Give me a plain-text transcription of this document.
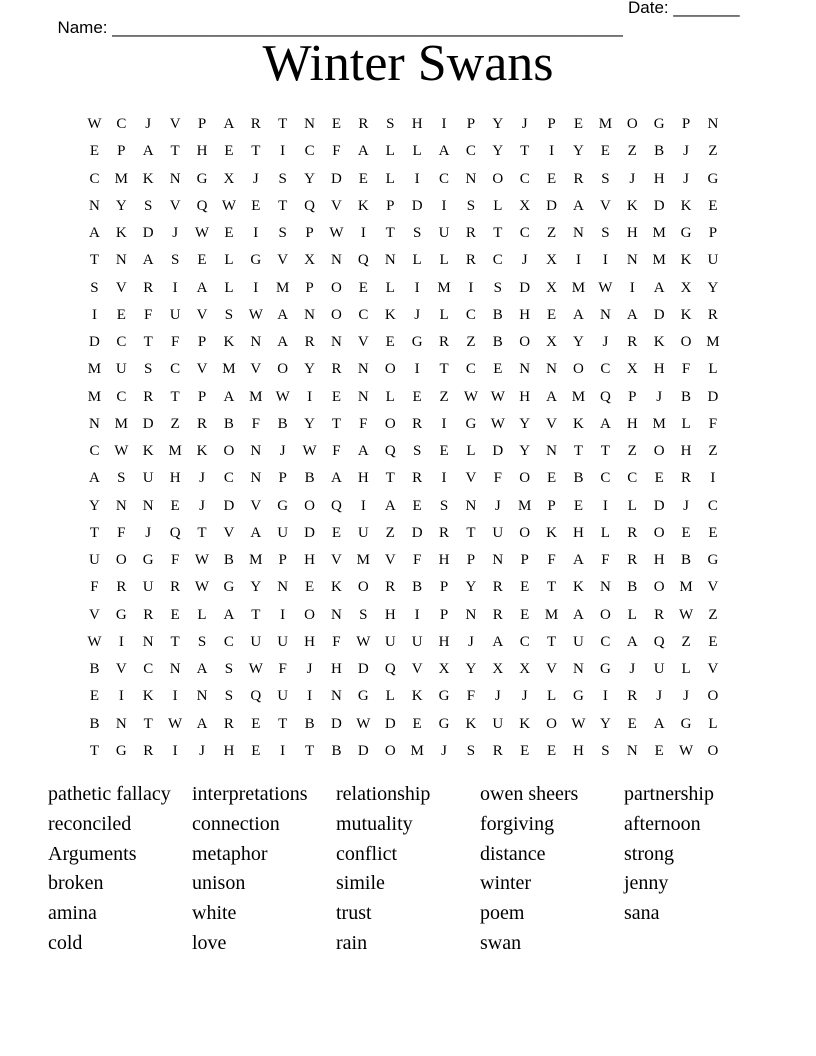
Name: ______________________________________________________

Date: _______

Winter Swans
W C	J	V	P	A	R	T	N	E	R	S	H	I	P	Y	J	P	E	M O	G	P	N
E	P	A	T	H	E	T	I	C	F	A	L	L	A	C	Y	T	I	Y	E	Z	B	J	Z
C	M K	N	G	X	J	S	Y	D	E	L	I	C	N	O	C	E	R	S	J	H	J	G
N	Y	S	V	Q W	E	T	Q	V	K	P	D	I	S	L	X	D	A	V	K	D	K	E
A	K	D	J	W	E	I	S	P	W	I	T	S	U	R	T	C	Z	N	S	H M G	P
T	N	A	S	E	L	G	V	X	N	Q	N	L	L	R	C	J	X	I	I	N M K	U
S	V	R	I	A	L	I	M	P	O	E	L	I	M	I	S	D	X M W	I	A	X	Y
I	E	F	U	V	S	W A	N	O	C	K	J	L	C	B	H	E	A	N	A	D	K	R
D	C	T	F	P	K	N	A	R	N	V	E	G	R	Z	B	O	X	Y	J	R	K	O M
M U	S	C	V M V	O	Y	R	N	O	I	T	C	E	N	N	O	C	X	H	F	L
M	C	R	T	P	A M W	I	E	N	L	E	Z	W W H	A M Q	P	J	B	D
N M D	Z	R	B	F	B	Y	T	F	O	R	I	G W Y	V	K	A	H M	L	F
C W K M K	O	N	J	W	F	A	Q	S	E	L	D	Y	N	T	T	Z	O	H	Z
A	S	U	H	J	C	N	P	B	A	H	T	R	I	V	F	O	E	B	C	C	E	R	I
Y	N	N	E	J	D	V	G	O	Q	I	A	E	S	N	J	M	P	E	I	L	D	J	C
T	F	J	Q	T	V	A	U	D	E	U	Z	D	R	T	U	O	K	H	L	R	O	E	E
U	O	G	F	W B	M	P	H	V M V	F	H	P	N	P	F	A	F	R	H	B	G
F	R	U	R W G	Y	N	E	K	O	R	B	P	Y	R	E	T	K	N	B	O M V
V	G	R	E	L	A	T	I	O	N	S	H	I	P	N	R	E	M A	O	L	R W	Z
W	I	N	T	S	C	U	U	H	F	W U	U	H	J	A	C	T	U	C	A	Q	Z	E
B	V	C	N	A	S	W	F	J	H	D	Q	V	X	Y	X	X	V	N	G	J	U	L	V
E	I	K	I	N	S	Q	U	I	N	G	L	K	G	F	J	J	L	G	I	R	J	J	O
B	N	T	W A	R	E	T	B	D W D	E	G	K	U	K	O W Y	E	A	G	L
T	G	R	I	J	H	E	I	T	B	D	O M	J	S	R	E	E	H	S	N	E	W O
pathetic fallacy	interpretations	relationship	owen sheers	partnership
reconciled	connection	mutuality	forgiving	afternoon
Arguments	metaphor	conflict	distance	strong
broken	unison	simile	winter	jenny
amina	white	trust	poem	sana
cold	love	rain	swan
